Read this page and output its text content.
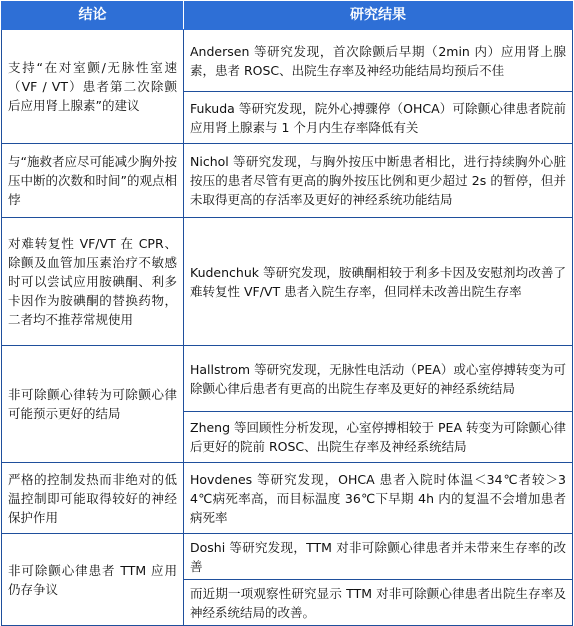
结论	研究结果
支持“在对室颤/无脉性室速（VF / VT）患者第二次除颤后应用肾上腺素”的建议	Andersen 等研究发现，首次除颤后早期（2min 内）应用肾上腺素，患者 ROSC、出院生存率及神经功能结局均预后不佳
	Fukuda 等研究发现，院外心搏骤停（OHCA）可除颤心律患者院前应用肾上腺素与 1 个月内生存率降低有关
与“施救者应尽可能减少胸外按压中断的次数和时间”的观点相悖	Nichol 等研究发现，与胸外按压中断患者相比，进行持续胸外心脏按压的患者尽管有更高的胸外按压比例和更少超过 2s 的暂停，但并未取得更高的存活率及更好的神经系统功能结局
对难转复性 VF/VT 在 CPR、除颤及血管加压素治疗不敏感时可以尝试应用胺碘酮、利多卡因作为胺碘酮的替换药物，二者均不推荐常规使用	Kudenchuk 等研究发现，胺碘酮相较于利多卡因及安慰剂均改善了难转复性 VF/VT 患者入院生存率，但同样未改善出院生存率
非可除颤心律转为可除颤心律可能预示更好的结局	Hallstrom 等研究发现，无脉性电活动（PEA）或心室停搏转变为可除颤心律后患者有更高的出院生存率及更好的神经系统结局
	Zheng 等回顾性分析发现，心室停搏相较于 PEA 转变为可除颤心律后更好的院前 ROSC、出院生存率及神经系统结局
严格的控制发热而非绝对的低温控制即可能取得较好的神经保护作用	Hovdenes 等研究发现，OHCA 患者入院时体温＜34℃者较＞34℃病死率高，而目标温度 36℃下早期 4h 内的复温不会增加患者病死率
非可除颤心律患者 TTM 应用仍存争议	Doshi 等研究发现，TTM 对非可除颤心律患者并未带来生存率的改善
	而近期一项观察性研究显示 TTM 对非可除颤心律患者出院生存率及神经系统结局的改善。
